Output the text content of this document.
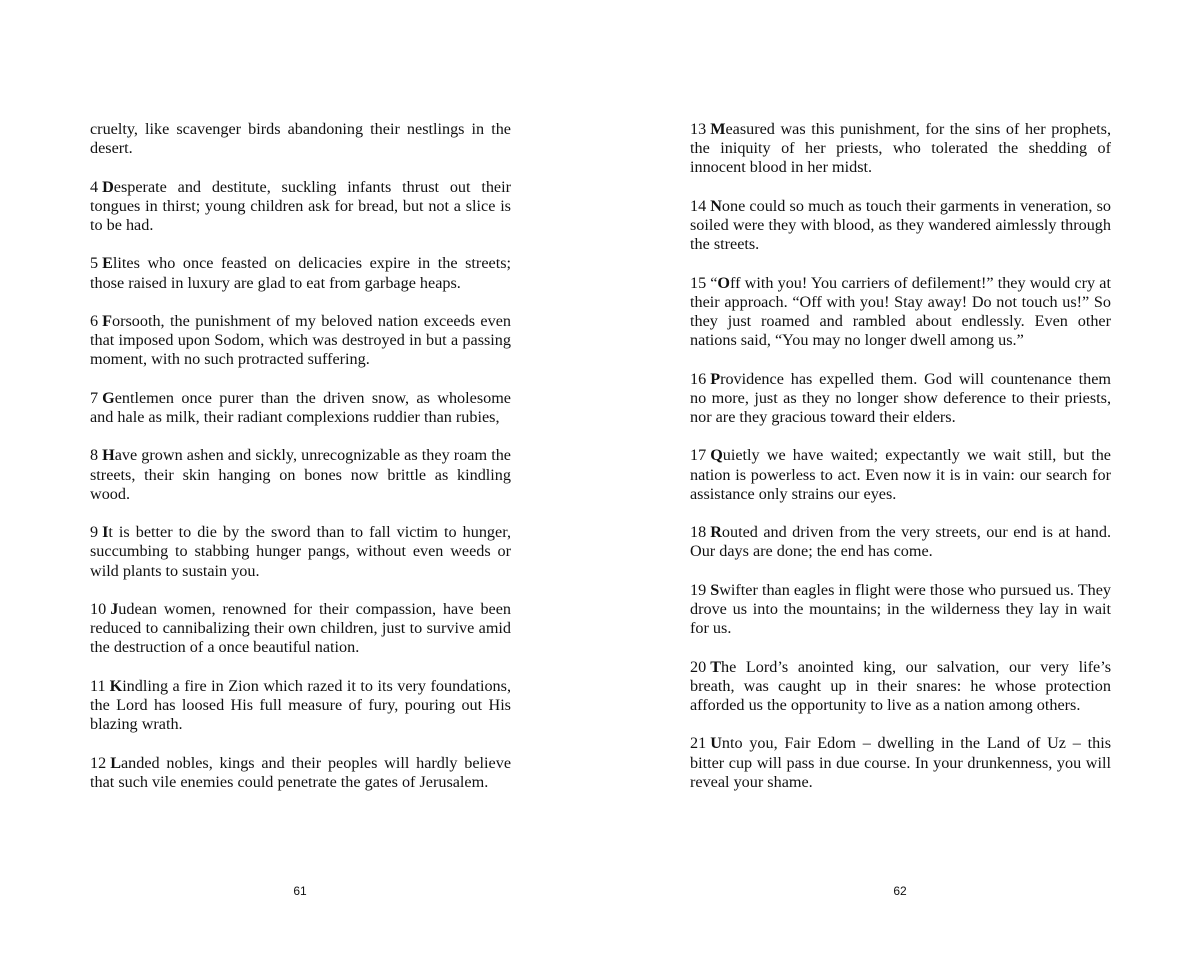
cruelty, like scavenger birds abandoning their nestlings in the desert.

4 Desperate and destitute, suckling infants thrust out their tongues in thirst; young children ask for bread, but not a slice is to be had.

5 Elites who once feasted on delicacies expire in the streets; those raised in luxury are glad to eat from garbage heaps.

6 Forsooth, the punishment of my beloved nation exceeds even that imposed upon Sodom, which was destroyed in but a passing moment, with no such protracted suffering.

7 Gentlemen once purer than the driven snow, as wholesome and hale as milk, their radiant complexions ruddier than rubies,

8 Have grown ashen and sickly, unrecognizable as they roam the streets, their skin hanging on bones now brittle as kindling wood.

9 It is better to die by the sword than to fall victim to hunger, succumbing to stabbing hunger pangs, without even weeds or wild plants to sustain you.

10 Judean women, renowned for their compassion, have been reduced to cannibalizing their own children, just to survive amid the destruction of a once beautiful nation.

11 Kindling a fire in Zion which razed it to its very foundations, the Lord has loosed His full measure of fury, pouring out His blazing wrath.

12 Landed nobles, kings and their peoples will hardly believe that such vile enemies could penetrate the gates of Jerusalem.

61

13 Measured was this punishment, for the sins of her prophets, the iniquity of her priests, who tolerated the shedding of innocent blood in her midst.

14 None could so much as touch their garments in veneration, so soiled were they with blood, as they wandered aimlessly through the streets.

15 “Off with you! You carriers of defilement!” they would cry at their approach. “Off with you! Stay away! Do not touch us!” So they just roamed and rambled about endlessly. Even other nations said, “You may no longer dwell among us.”

16 Providence has expelled them. God will countenance them no more, just as they no longer show deference to their priests, nor are they gracious toward their elders.

17 Quietly we have waited; expectantly we wait still, but the nation is powerless to act. Even now it is in vain: our search for assistance only strains our eyes.

18 Routed and driven from the very streets, our end is at hand. Our days are done; the end has come.

19 Swifter than eagles in flight were those who pursued us. They drove us into the mountains; in the wilderness they lay in wait for us.

20 The Lord’s anointed king, our salvation, our very life’s breath, was caught up in their snares: he whose protection afforded us the opportunity to live as a nation among others.

21 Unto you, Fair Edom – dwelling in the Land of Uz – this bitter cup will pass in due course. In your drunkenness, you will reveal your shame.

62
